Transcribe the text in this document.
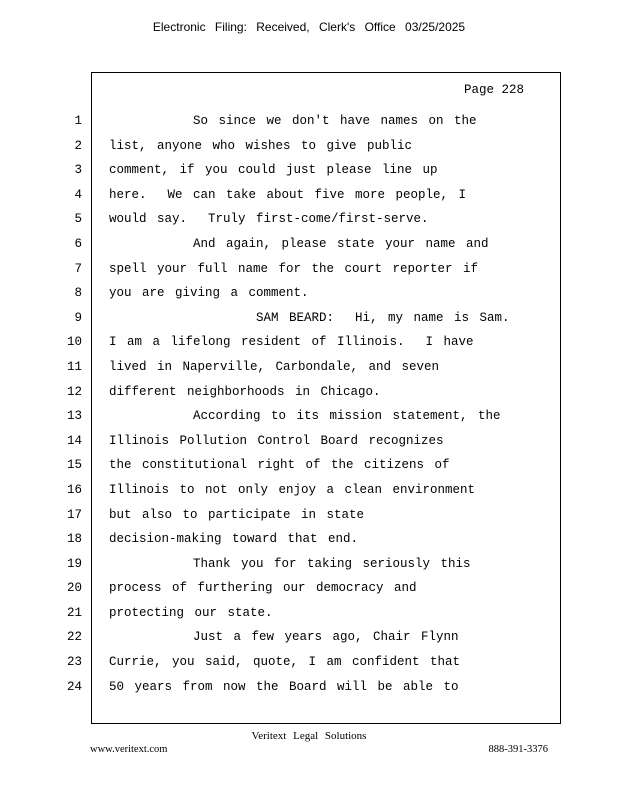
Electronic Filing: Received, Clerk's Office 03/25/2025
Page 228
1
2
3
4
5
6
7
8
9
10
11
12
13
14
15
16
17
18
19
20
21
22
23
24
So since we don't have names on the
list, anyone who wishes to give public
comment, if you could just please line up
here.  We can take about five more people, I
would say.  Truly first-come/first-serve.
And again, please state your name and
spell your full name for the court reporter if
you are giving a comment.
SAM BEARD:  Hi, my name is Sam.
I am a lifelong resident of Illinois.  I have
lived in Naperville, Carbondale, and seven
different neighborhoods in Chicago.
According to its mission statement, the
Illinois Pollution Control Board recognizes
the constitutional right of the citizens of
Illinois to not only enjoy a clean environment
but also to participate in state
decision-making toward that end.
Thank you for taking seriously this
process of furthering our democracy and
protecting our state.
Just a few years ago, Chair Flynn
Currie, you said, quote, I am confident that
50 years from now the Board will be able to
Veritext Legal Solutions
www.veritext.com	888-391-3376
